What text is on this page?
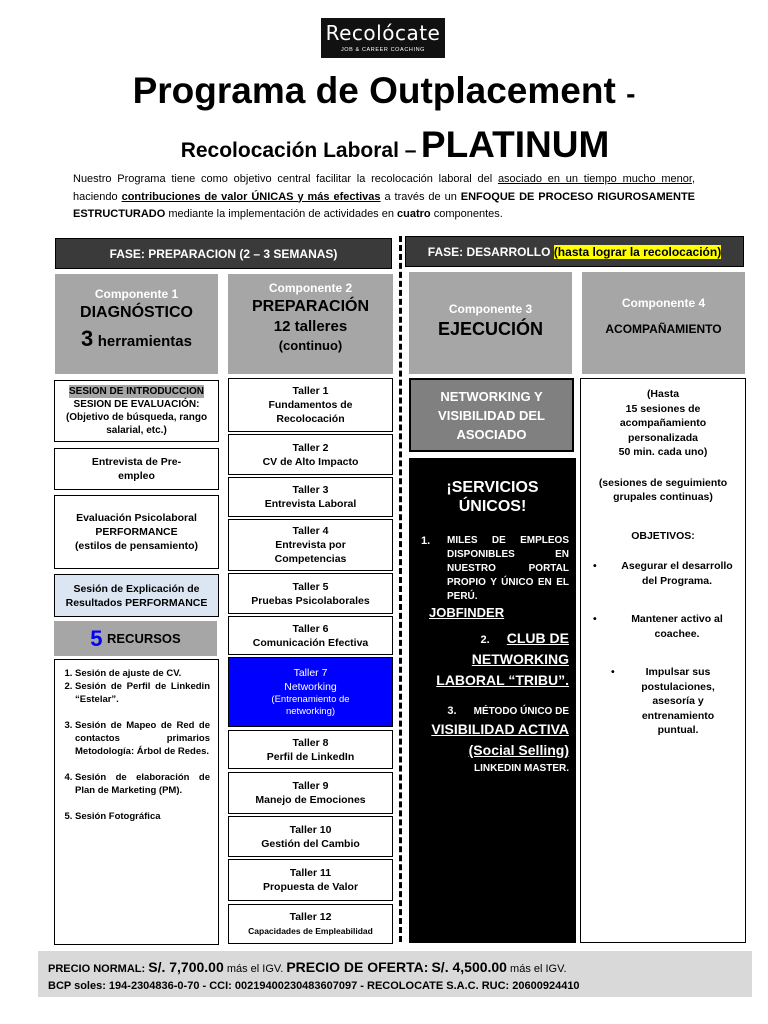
Recolócate
JOB & CAREER COACHING
Programa de Outplacement -
Recolocación Laboral – PLATINUM
Nuestro Programa tiene como objetivo central facilitar la recolocación laboral del asociado en un tiempo mucho menor, haciendo contribuciones de valor ÚNICAS y más efectivas a través de un ENFOQUE DE PROCESO RIGUROSAMENTE ESTRUCTURADO mediante la implementación de actividades en cuatro componentes.
FASE: PREPARACION (2 – 3 SEMANAS)	FASE: DESARROLLO
(hasta lograr la recolocación)
Componente 1
DIAGNÓSTICO
3 herramientas
Componente 2
PREPARACIÓN
12 talleres
(continuo)
Componente 3
EJECUCIÓN
Componente 4
ACOMPAÑAMIENTO
SESION DE INTRODUCCION
SESION DE EVALUACIÓN:
(Objetivo de búsqueda, rango salarial, etc.)
Entrevista de Pre-empleo
Evaluación Psicolaboral PERFORMANCE
(estilos de pensamiento)
Sesión de Explicación de Resultados PERFORMANCE
5
RECURSOS
1. Sesión de ajuste de CV.
2. Sesión de Perfil de Linkedin “Estelar”.
3. Sesión de Mapeo de Red de contactos primarios Metodología: Árbol de Redes.
4. Sesión de elaboración de Plan de Marketing (PM).
5. Sesión Fotográfica
Taller 1
Fundamentos de Recolocación
Taller 2
CV de Alto Impacto
Taller 3
Entrevista Laboral
Taller 4
Entrevista por Competencias
Taller 5
Pruebas Psicolaborales
Taller 6
Comunicación Efectiva
Taller 7
Networking
(Entrenamiento de networking)
Taller 8
Perfil de LinkedIn
Taller 9
Manejo de Emociones
Taller 10
Gestión del Cambio
Taller 11
Propuesta de Valor
Taller 12
Capacidades de Empleabilidad
NETWORKING Y VISIBILIDAD DEL ASOCIADO
¡SERVICIOS ÚNICOS!
1.	MILES DE EMPLEOS DISPONIBLES EN NUESTRO PORTAL PROPIO Y ÚNICO EN EL PERÚ.
JOBFINDER
2. CLUB DE NETWORKING LABORAL “TRIBU”.
3. MÉTODO ÚNICO DE VISIBILIDAD ACTIVA (Social Selling) LINKEDIN MASTER.
(Hasta
15 sesiones de acompañamiento personalizada
50 min. cada uno)
(sesiones de seguimiento grupales continuas)
OBJETIVOS:
•	Asegurar el desarrollo del Programa.
•	Mantener activo al coachee.
•	Impulsar sus postulaciones, asesoría y entrenamiento puntual.
PRECIO NORMAL: S/. 7,700.00 más el IGV. PRECIO DE OFERTA: S/. 4,500.00 más el IGV.
BCP soles: 194-2304836-0-70 - CCI: 00219400230483607097 - RECOLOCATE S.A.C. RUC: 20600924410
